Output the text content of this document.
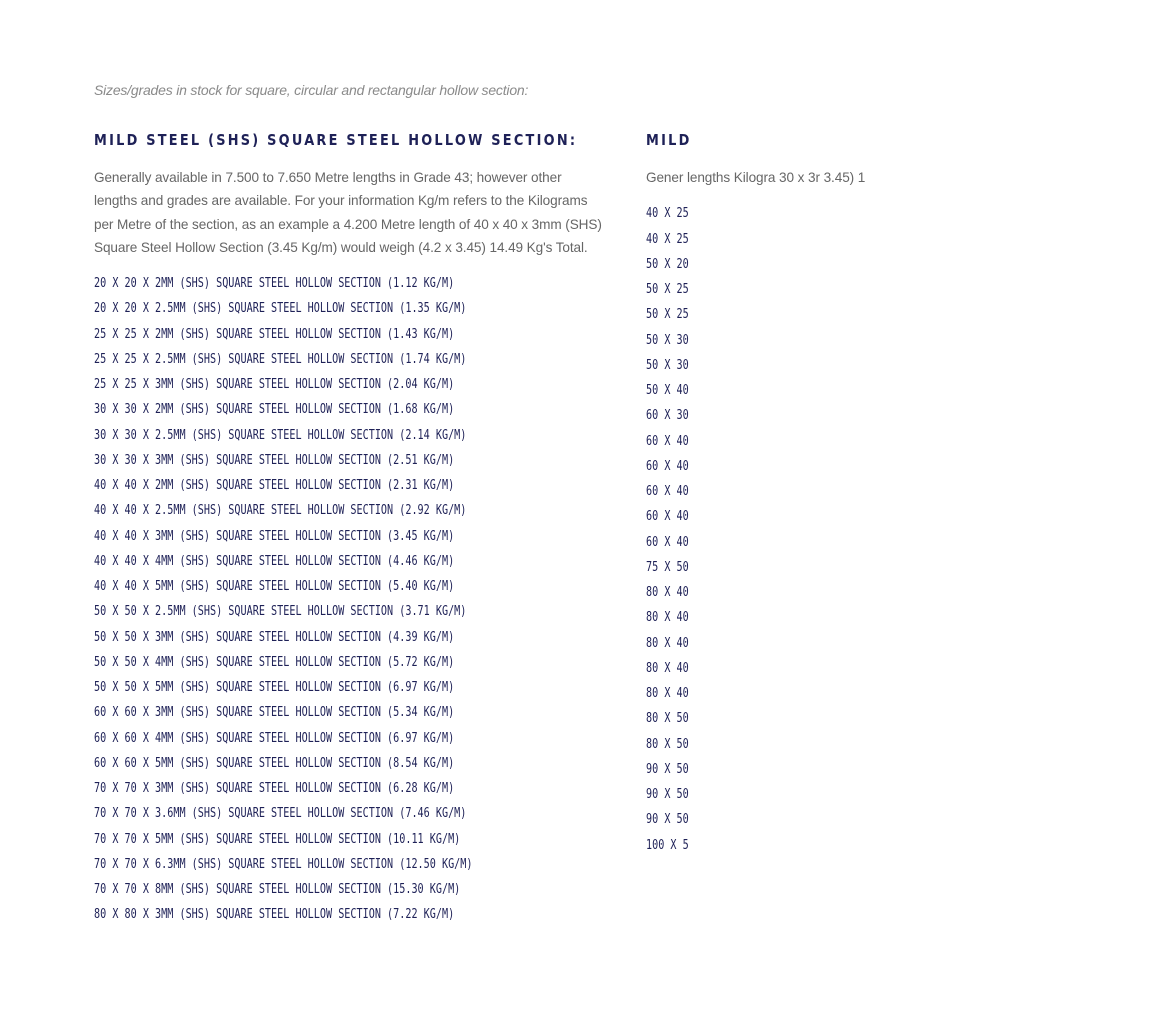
Sizes/grades in stock for square, circular and rectangular hollow section:
MILD STEEL (SHS) SQUARE STEEL HOLLOW SECTION:

Generally available in 7.500 to 7.650 Metre lengths in Grade 43; however other lengths and grades are available. For your information Kg/m refers to the Kilograms per Metre of the section, as an example a 4.200 Metre length of 40 x 40 x 3mm (SHS) Square Steel Hollow Section (3.45 Kg/m) would weigh (4.2 x 3.45) 14.49 Kg's Total.

20 X 20 X 2MM (SHS) SQUARE STEEL HOLLOW SECTION (1.12 KG/M)
20 X 20 X 2.5MM (SHS) SQUARE STEEL HOLLOW SECTION (1.35 KG/M)
25 X 25 X 2MM (SHS) SQUARE STEEL HOLLOW SECTION (1.43 KG/M)
25 X 25 X 2.5MM (SHS) SQUARE STEEL HOLLOW SECTION (1.74 KG/M)
25 X 25 X 3MM (SHS) SQUARE STEEL HOLLOW SECTION (2.04 KG/M)
30 X 30 X 2MM (SHS) SQUARE STEEL HOLLOW SECTION (1.68 KG/M)
30 X 30 X 2.5MM (SHS) SQUARE STEEL HOLLOW SECTION (2.14 KG/M)
30 X 30 X 3MM (SHS) SQUARE STEEL HOLLOW SECTION (2.51 KG/M)
40 X 40 X 2MM (SHS) SQUARE STEEL HOLLOW SECTION (2.31 KG/M)
40 X 40 X 2.5MM (SHS) SQUARE STEEL HOLLOW SECTION (2.92 KG/M)
40 X 40 X 3MM (SHS) SQUARE STEEL HOLLOW SECTION (3.45 KG/M)
40 X 40 X 4MM (SHS) SQUARE STEEL HOLLOW SECTION (4.46 KG/M)
40 X 40 X 5MM (SHS) SQUARE STEEL HOLLOW SECTION (5.40 KG/M)
50 X 50 X 2.5MM (SHS) SQUARE STEEL HOLLOW SECTION (3.71 KG/M)
50 X 50 X 3MM (SHS) SQUARE STEEL HOLLOW SECTION (4.39 KG/M)
50 X 50 X 4MM (SHS) SQUARE STEEL HOLLOW SECTION (5.72 KG/M)
50 X 50 X 5MM (SHS) SQUARE STEEL HOLLOW SECTION (6.97 KG/M)
60 X 60 X 3MM (SHS) SQUARE STEEL HOLLOW SECTION (5.34 KG/M)
60 X 60 X 4MM (SHS) SQUARE STEEL HOLLOW SECTION (6.97 KG/M)
60 X 60 X 5MM (SHS) SQUARE STEEL HOLLOW SECTION (8.54 KG/M)
70 X 70 X 3MM (SHS) SQUARE STEEL HOLLOW SECTION (6.28 KG/M)
70 X 70 X 3.6MM (SHS) SQUARE STEEL HOLLOW SECTION (7.46 KG/M)
70 X 70 X 5MM (SHS) SQUARE STEEL HOLLOW SECTION (10.11 KG/M)
70 X 70 X 6.3MM (SHS) SQUARE STEEL HOLLOW SECTION (12.50 KG/M)
70 X 70 X 8MM (SHS) SQUARE STEEL HOLLOW SECTION (15.30 KG/M)
80 X 80 X 3MM (SHS) SQUARE STEEL HOLLOW SECTION (7.22 KG/M)
MILD

Gener lengths Kilogra 30 x 3r 3.45) 1

40 X 25
40 X 25
50 X 20
50 X 25
50 X 25
50 X 30
50 X 30
50 X 40
60 X 30
60 X 40
60 X 40
60 X 40
60 X 40
60 X 40
75 X 50
80 X 40
80 X 40
80 X 40
80 X 40
80 X 40
80 X 50
80 X 50
90 X 50
90 X 50
90 X 50
100 X 5
